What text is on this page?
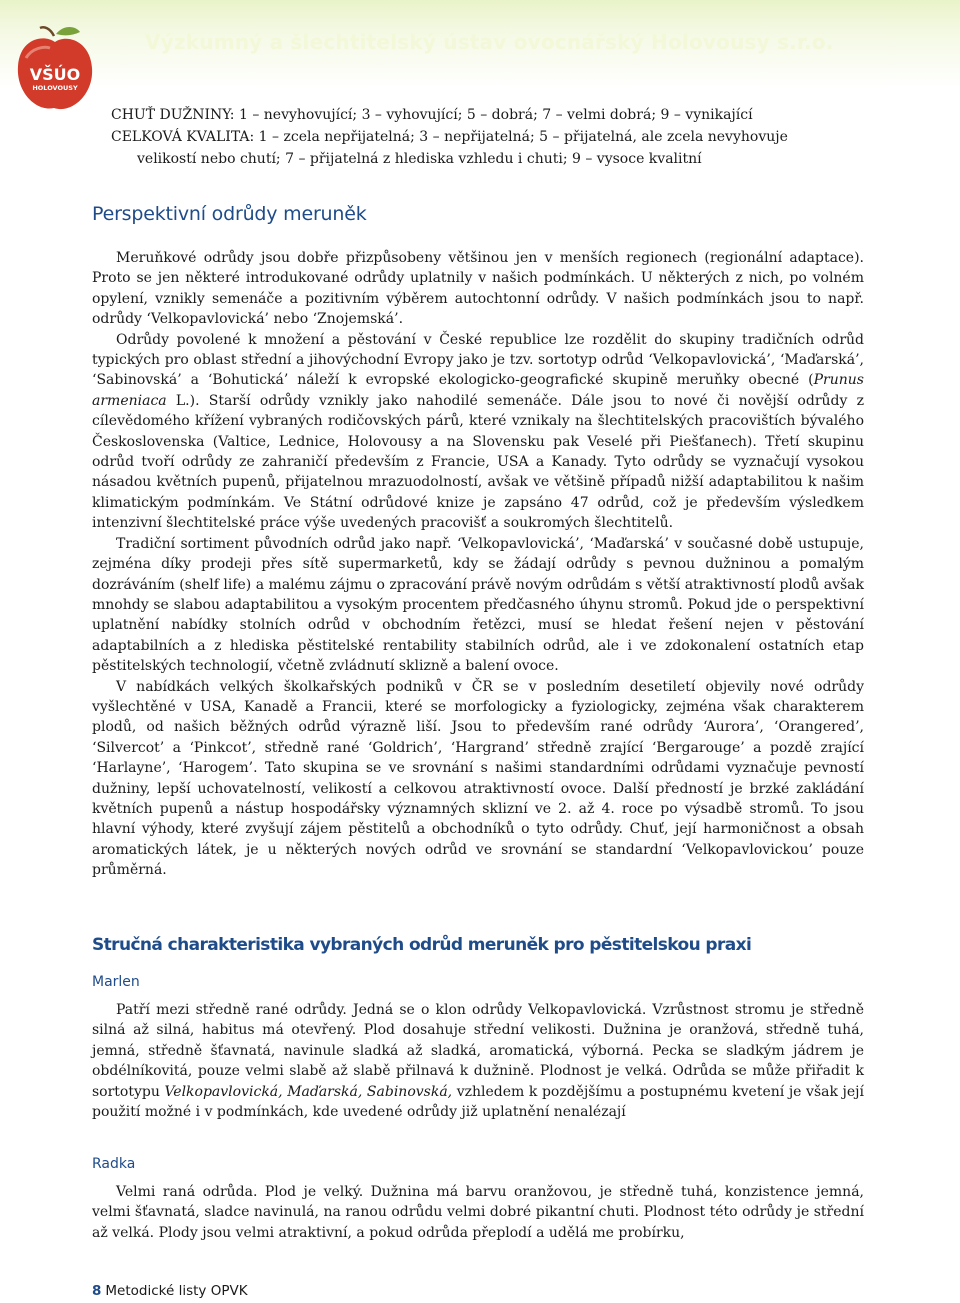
VŠÚO
HOLOVOUSY
Výzkumný a šlechtitelský ústav ovocnářský Holovousy s.r.o.
CHUŤ DUŽNINY: 1 – nevyhovující; 3 – vyhovující; 5 – dobrá; 7 – velmi dobrá; 9 – vynikající
CELKOVÁ KVALITA: 1 – zcela nepřijatelná; 3 – nepřijatelná; 5 – přijatelná, ale zcela nevyhovuje
velikostí nebo chutí; 7 – přijatelná z hlediska vzhledu i chuti; 9 – vysoce kvalitní
Perspektivní odrůdy meruněk

Meruňkové odrůdy jsou dobře přizpůsobeny většinou jen v menších regionech (regionální adaptace). Proto se jen některé introdukované odrůdy uplatnily v našich podmínkách. U některých z nich, po volném opylení, vznikly semenáče a pozitivním výběrem autochtonní odrůdy. V našich podmínkách jsou to např. odrůdy ‘Velkopavlovická’ nebo ‘Znojemská’.

Odrůdy povolené k množení a pěstování v České republice lze rozdělit do skupiny tradičních odrůd typických pro oblast střední a jihovýchodní Evropy jako je tzv. sortotyp odrůd ‘Velkopavlovická’, ‘Maďarská’, ‘Sabinovská’ a ‘Bohutická’ náleží k evropské ekologicko-geografické skupině meruňky obecné (Prunus armeniaca L.). Starší odrůdy vznikly jako nahodilé semenáče. Dále jsou to nové či novější odrůdy z cílevědomého křížení vybraných rodičovských párů, které vznikaly na šlechtitelských pracovištích bývalého Československa (Valtice, Lednice, Holovousy a na Slovensku pak Veselé při Piešťanech). Třetí skupinu odrůd tvoří odrůdy ze zahraničí především z Francie, USA a Kanady. Tyto odrůdy se vyznačují vysokou násadou květních pupenů, přijatelnou mrazuodolností, avšak ve většině případů nižší adaptabilitou k našim klimatickým podmínkám. Ve Státní odrůdové knize je zapsáno 47 odrůd, což je především výsledkem intenzivní šlechtitelské práce výše uvedených pracovišť a soukromých šlechtitelů.

Tradiční sortiment původních odrůd jako např. ‘Velkopavlovická’, ‘Maďarská’ v současné době ustupuje, zejména díky prodeji přes sítě supermarketů, kdy se žádají odrůdy s pevnou dužninou a pomalým dozráváním (shelf life) a malému zájmu o zpracování právě novým odrůdám s větší atraktivností plodů avšak mnohdy se slabou adaptabilitou a vysokým procentem předčasného úhynu stromů. Pokud jde o perspektivní uplatnění nabídky stolních odrůd v obchodním řetězci, musí se hledat řešení nejen v pěstování adaptabilních a z hlediska pěstitelské rentability stabilních odrůd, ale i ve zdokonalení ostatních etap pěstitelských technologií, včetně zvládnutí sklizně a balení ovoce.

V nabídkách velkých školkařských podniků v ČR se v posledním desetiletí objevily nové odrůdy vyšlechtěné v USA, Kanadě a Francii, které se morfologicky a fyziologicky, zejména však charakterem plodů, od našich běžných odrůd výrazně liší. Jsou to především rané odrůdy ‘Aurora’, ‘Orangered’, ‘Silvercot’ a ‘Pinkcot’, středně rané ‘Goldrich’, ‘Hargrand’ středně zrající ‘Bergarouge’ a pozdě zrající ‘Harlayne’, ‘Harogem’. Tato skupina se ve srovnání s našimi standardními odrůdami vyznačuje pevností dužniny, lepší uchovatelností, velikostí a celkovou atraktivností ovoce. Další předností je brzké zakládání květních pupenů a nástup hospodářsky významných sklizní ve 2. až 4. roce po výsadbě stromů. To jsou hlavní výhody, které zvyšují zájem pěstitelů a obchodníků o tyto odrůdy. Chuť, její harmoničnost a obsah aromatických látek, je u některých nových odrůd ve srovnání se standardní ‘Velkopavlovickou’ pouze průměrná.

Stručná charakteristika vybraných odrůd meruněk pro pěstitelskou praxi
Marlen

Patří mezi středně rané odrůdy. Jedná se o klon odrůdy Velkopavlovická. Vzrůstnost stromu je středně silná až silná, habitus má otevřený. Plod dosahuje střední velikosti. Dužnina je oranžová, středně tuhá, jemná, středně šťavnatá, navinule sladká až sladká, aromatická, výborná. Pecka se sladkým jádrem je obdélníkovitá, pouze velmi slabě až slabě přilnavá k dužnině. Plodnost je velká. Odrůda se může přiřadit k sortotypu Velkopavlovická, Maďarská, Sabinovská, vzhledem k pozdějšímu a postupnému kvetení je však její použití možné i v podmínkách, kde uvedené odrůdy již uplatnění nenalézají

Radka

Velmi raná odrůda. Plod je velký. Dužnina má barvu oranžovou, je středně tuhá, konzistence jemná, velmi šťavnatá, sladce navinulá, na ranou odrůdu velmi dobré pikantní chuti. Plodnost této odrůdy je střední až velká. Plody jsou velmi atraktivní, a pokud odrůda přeplodí a udělá me probírku,

8 Metodické listy OPVK
